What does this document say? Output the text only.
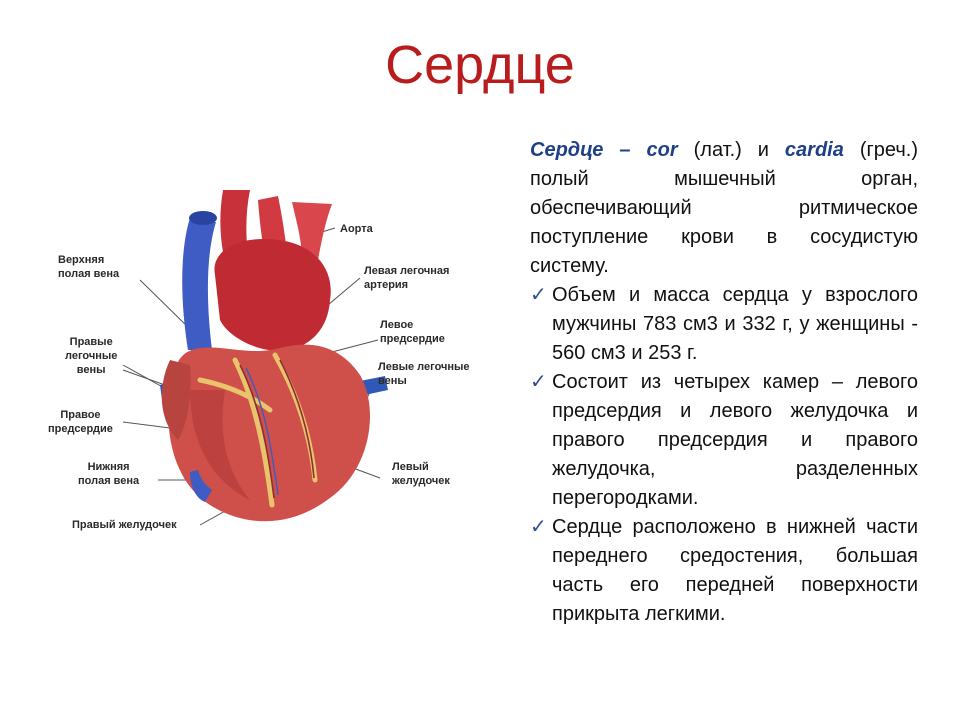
Сердце
Верхняя
полая вена
Правые
легочные
вены
Правое
предсердие
Нижняя
полая вена
Правый желудочек
Аорта
Левая легочная
артерия
Левое
предсердие
Левые легочные
вены
Левый
желудочек

Сердце – cor (лат.) и cardia (греч.) полый мышечный орган, обеспечивающий ритмическое поступление крови в сосудистую систему.

✓ Объем и масса сердца у взрослого мужчины 783 см3 и 332 г, у женщины - 560 см3 и 253 г.
✓ Состоит из четырех камер – левого предсердия и левого желудочка и правого предсердия и правого желудочка, разделенных перегородками.
✓ Сердце расположено в нижней части переднего средостения, большая часть его передней поверхности прикрыта легкими.
